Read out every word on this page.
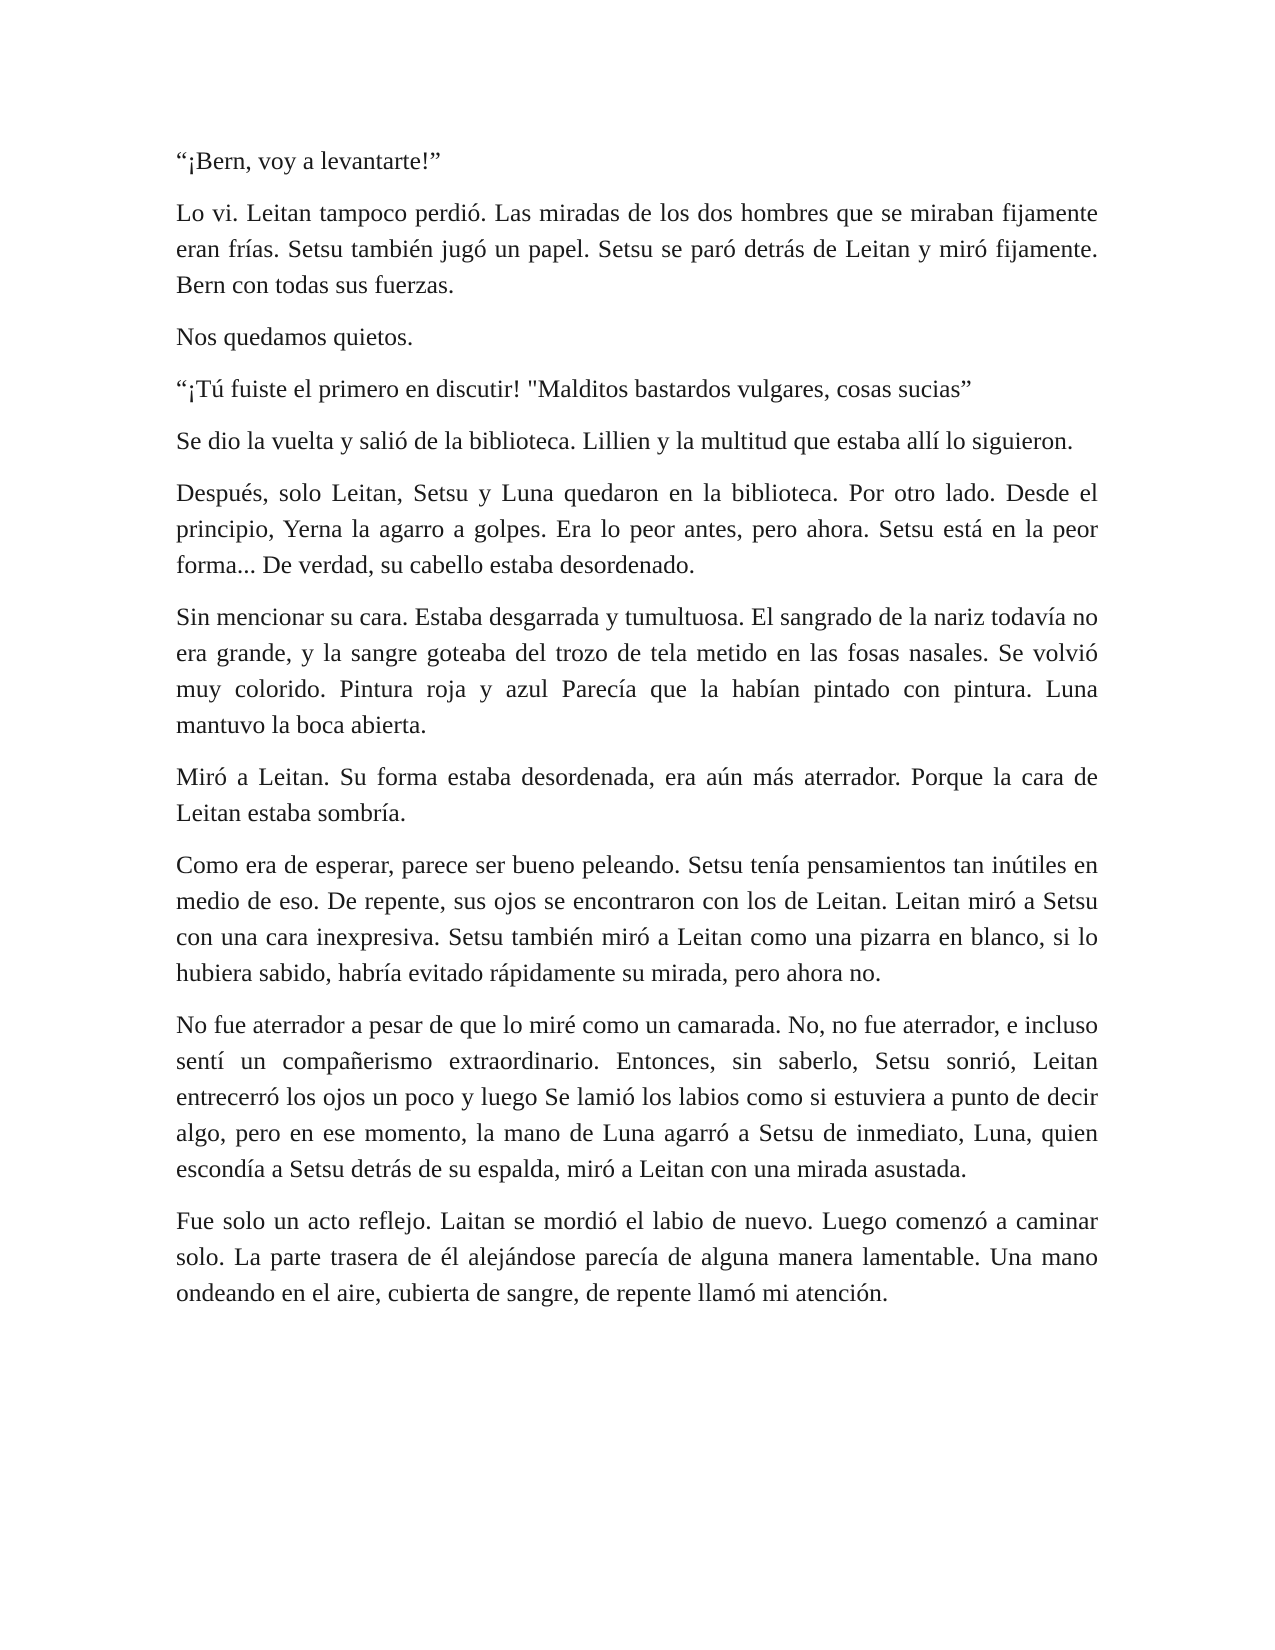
“¡Bern, voy a levantarte!”

Lo vi. Leitan tampoco perdió. Las miradas de los dos hombres que se miraban fijamente eran frías. Setsu también jugó un papel. Setsu se paró detrás de Leitan y miró fijamente. Bern con todas sus fuerzas.

Nos quedamos quietos.

“¡Tú fuiste el primero en discutir! "Malditos bastardos vulgares, cosas sucias”

Se dio la vuelta y salió de la biblioteca. Lillien y la multitud que estaba allí lo siguieron.

Después, solo Leitan, Setsu y Luna quedaron en la biblioteca. Por otro lado. Desde el principio, Yerna la agarro a golpes. Era lo peor antes, pero ahora. Setsu está en la peor forma... De verdad, su cabello estaba desordenado.

Sin mencionar su cara. Estaba desgarrada y tumultuosa. El sangrado de la nariz todavía no era grande, y la sangre goteaba del trozo de tela metido en las fosas nasales. Se volvió muy colorido. Pintura roja y azul Parecía que la habían pintado con pintura. Luna mantuvo la boca abierta.

Miró a Leitan. Su forma estaba desordenada, era aún más aterrador. Porque la cara de Leitan estaba sombría.

Como era de esperar, parece ser bueno peleando. Setsu tenía pensamientos tan inútiles en medio de eso. De repente, sus ojos se encontraron con los de Leitan. Leitan miró a Setsu con una cara inexpresiva. Setsu también miró a Leitan como una pizarra en blanco, si lo hubiera sabido, habría evitado rápidamente su mirada, pero ahora no.

No fue aterrador a pesar de que lo miré como un camarada. No, no fue aterrador, e incluso sentí un compañerismo extraordinario. Entonces, sin saberlo, Setsu sonrió, Leitan entrecerró los ojos un poco y luego Se lamió los labios como si estuviera a punto de decir algo, pero en ese momento, la mano de Luna agarró a Setsu de inmediato, Luna, quien escondía a Setsu detrás de su espalda, miró a Leitan con una mirada asustada.

Fue solo un acto reflejo. Laitan se mordió el labio de nuevo. Luego comenzó a caminar solo. La parte trasera de él alejándose parecía de alguna manera lamentable. Una mano ondeando en el aire, cubierta de sangre, de repente llamó mi atención.
